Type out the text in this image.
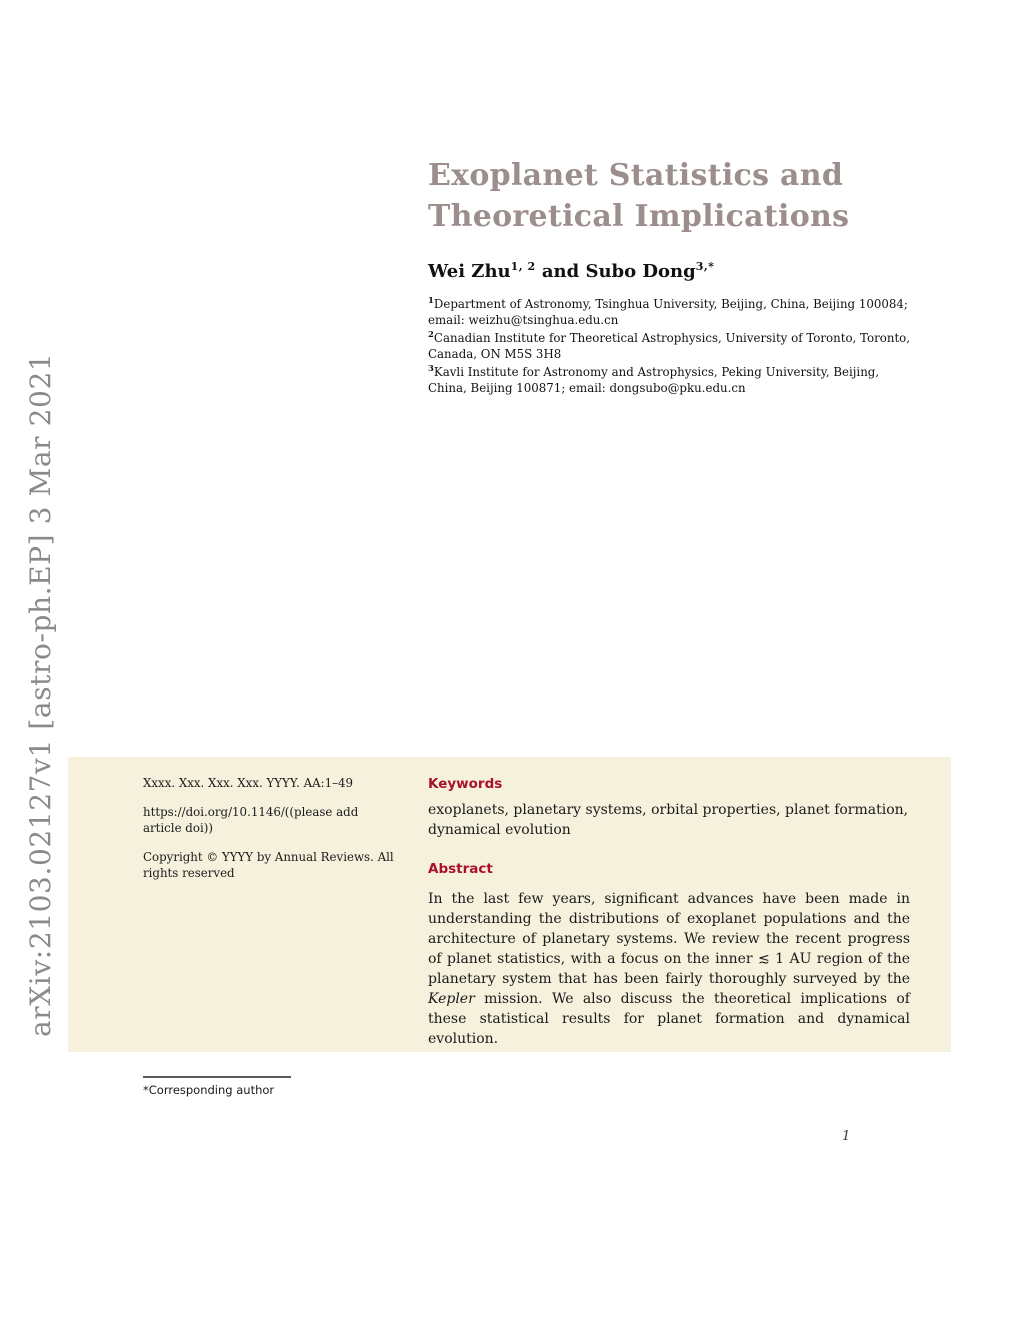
arXiv:2103.02127v1 [astro-ph.EP] 3 Mar 2021
Exoplanet Statistics and
Theoretical Implications
Wei Zhu$^{1, 2}$ and Subo Dong$^{3,*}$
$^1$Department of Astronomy, Tsinghua University, Beijing, China, Beijing 100084; email: weizhu@tsinghua.edu.cn
$^2$Canadian Institute for Theoretical Astrophysics, University of Toronto, Toronto, Canada, ON M5S 3H8
$^3$Kavli Institute for Astronomy and Astrophysics, Peking University, Beijing, China, Beijing 100871; email: dongsubo@pku.edu.cn

Xxxx. Xxx. Xxx. Xxx. YYYY. AA:1–49

https://doi.org/10.1146/((please add article doi))

Copyright © YYYY by Annual Reviews. All rights reserved

Keywords
exoplanets, planetary systems, orbital properties, planet formation, dynamical evolution
Abstract
In the last few years, significant advances have been made in understanding the distributions of exoplanet populations and the architecture of planetary systems. We review the recent progress of planet statistics, with a focus on the inner ≲ 1 AU region of the planetary system that has been fairly thoroughly surveyed by the Kepler mission. We also discuss the theoretical implications of these statistical results for planet formation and dynamical evolution.
*Corresponding author
1
